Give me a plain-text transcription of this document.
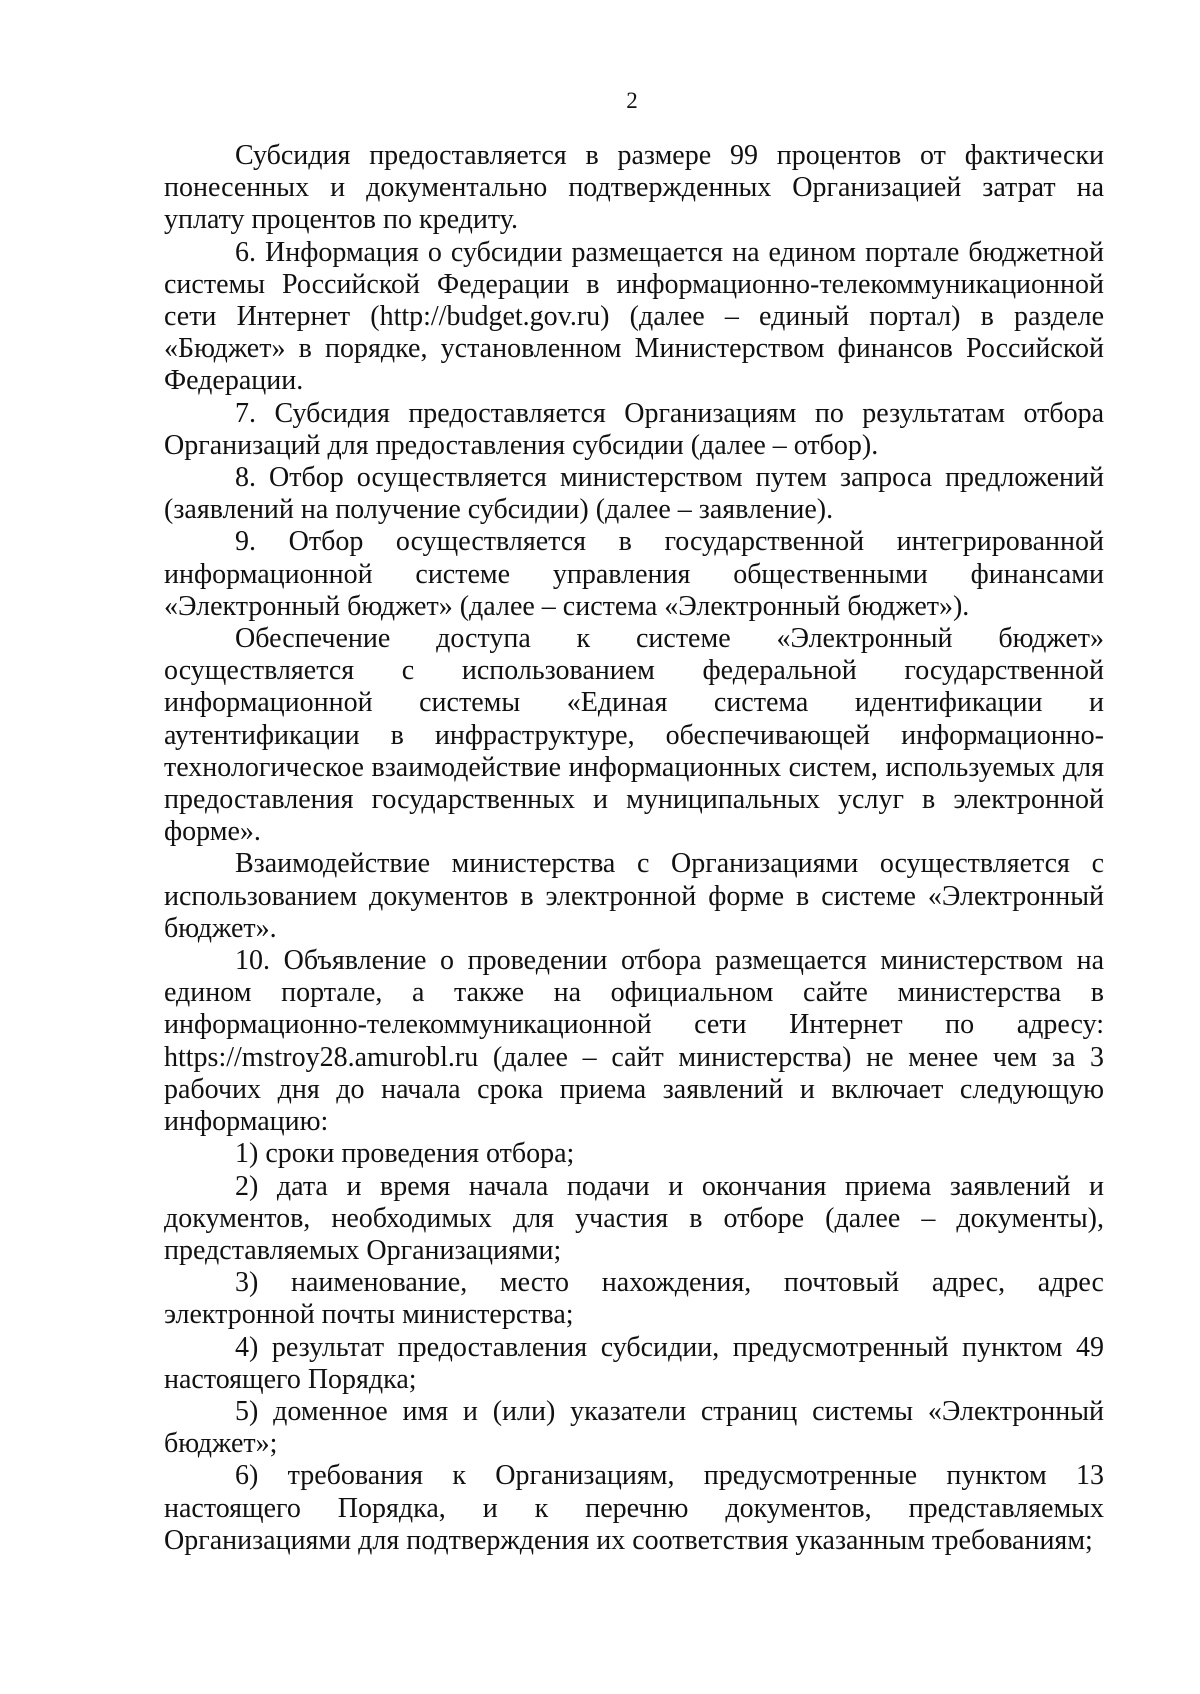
2

Субсидия предоставляется в размере 99 процентов от фактически понесенных и документально подтвержденных Организацией затрат на уплату процентов по кредиту.

6. Информация о субсидии размещается на едином портале бюджетной системы Российской Федерации в информационно-телекоммуникационной сети Интернет (http://budget.gov.ru) (далее – единый портал) в разделе «Бюджет» в порядке, установленном Министерством финансов Российской Федерации.

7. Субсидия предоставляется Организациям по результатам отбора Организаций для предоставления субсидии (далее – отбор).

8. Отбор осуществляется министерством путем запроса предложений (заявлений на получение субсидии) (далее – заявление).

9. Отбор осуществляется в государственной интегрированной информационной системе управления общественными финансами «Электронный бюджет» (далее – система «Электронный бюджет»).

Обеспечение доступа к системе «Электронный бюджет» осуществляется с использованием федеральной государственной информационной системы «Единая система идентификации и аутентификации в инфраструктуре, обеспечивающей информационно-технологическое взаимодействие информационных систем, используемых для предоставления государственных и муниципальных услуг в электронной форме».

Взаимодействие министерства с Организациями осуществляется с использованием документов в электронной форме в системе «Электронный бюджет».

10. Объявление о проведении отбора размещается министерством на едином портале, а также на официальном сайте министерства в информационно-телекоммуникационной сети Интернет по адресу: https://mstroy28.amurobl.ru (далее – сайт министерства) не менее чем за 3 рабочих дня до начала срока приема заявлений и включает следующую информацию:

1) сроки проведения отбора;

2) дата и время начала подачи и окончания приема заявлений и документов, необходимых для участия в отборе (далее – документы), представляемых Организациями;

3) наименование, место нахождения, почтовый адрес, адрес электронной почты министерства;

4) результат предоставления субсидии, предусмотренный пунктом 49 настоящего Порядка;

5) доменное имя и (или) указатели страниц системы «Электронный бюджет»;

6) требования к Организациям, предусмотренные пунктом 13 настоящего Порядка, и к перечню документов, представляемых Организациями для подтверждения их соответствия указанным требованиям;
